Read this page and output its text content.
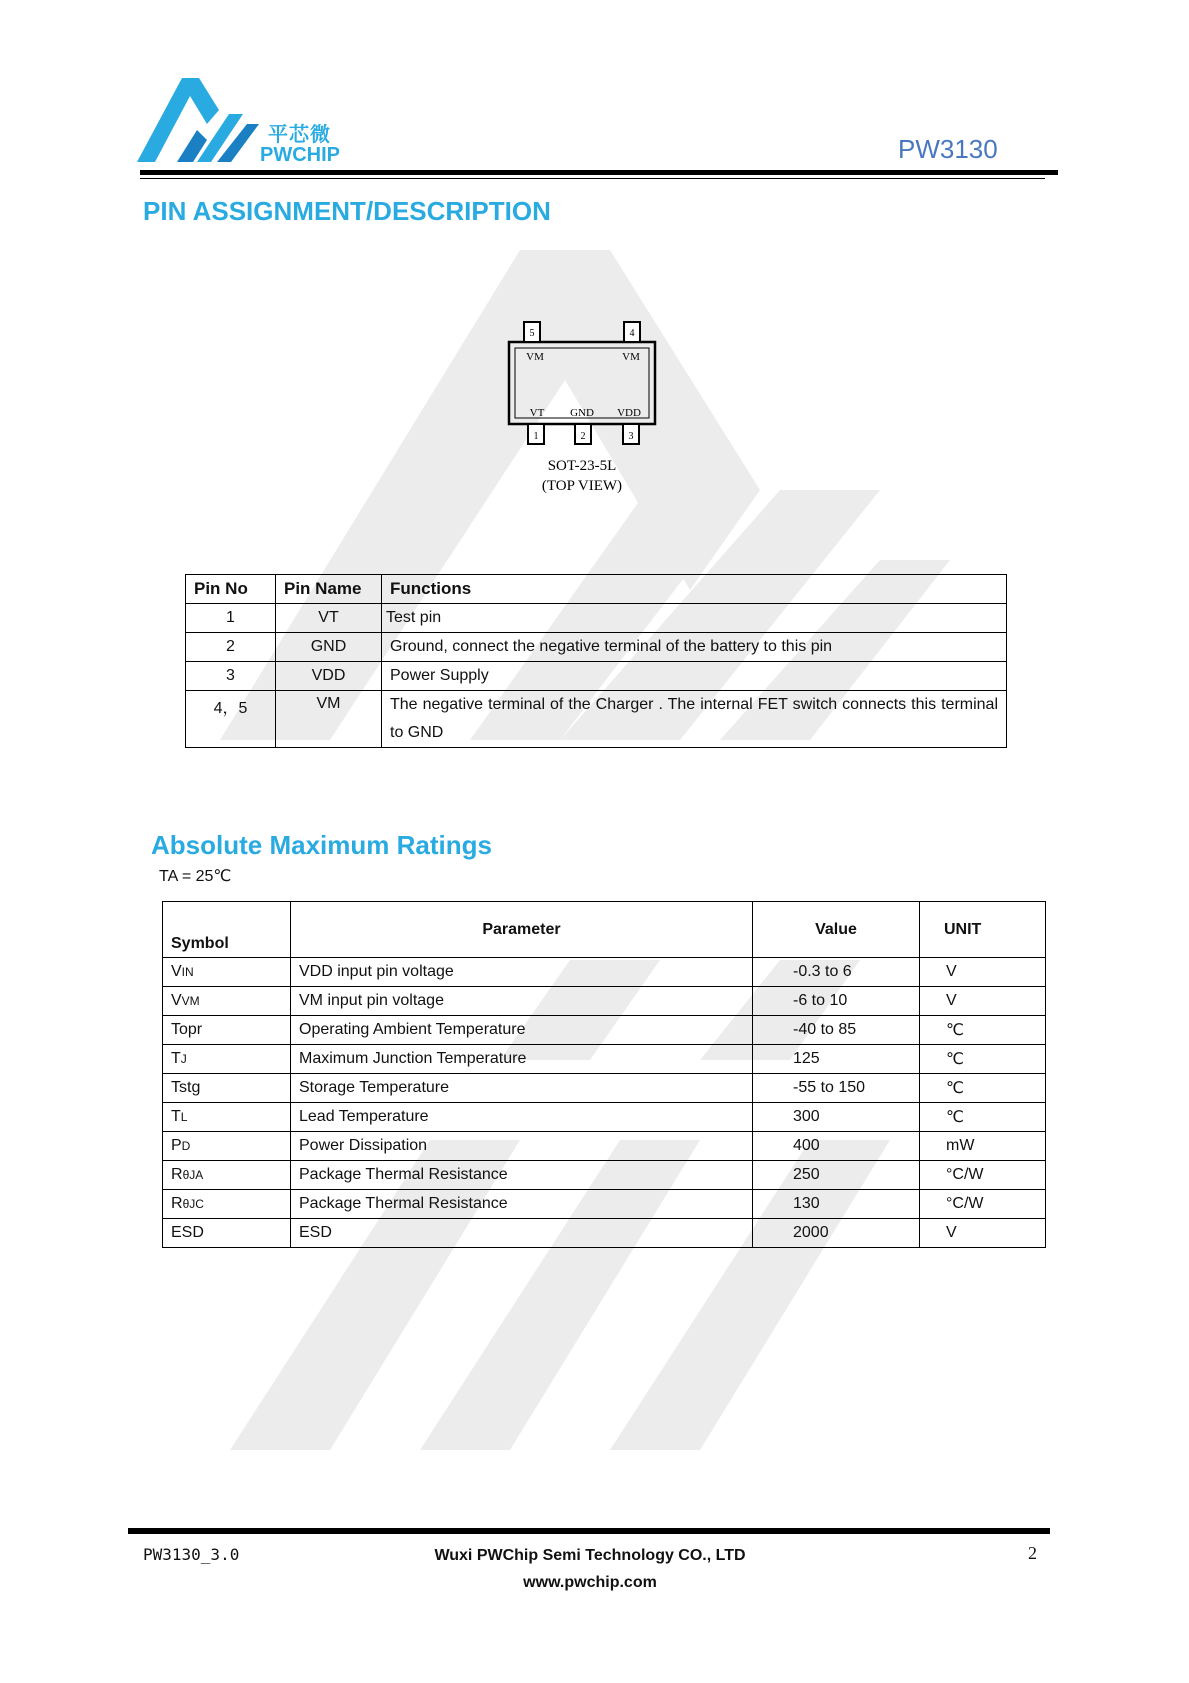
平芯微
PWCHIP	PW3130
PIN ASSIGNMENT/DESCRIPTION
5	4
VM	VM
VT GND VDD
1	2	3
SOT-23-5L
(TOP VIEW)
Pin No	Pin Name	Functions
1	VT	Test pin
2	GND	Ground, connect the negative terminal of the battery to this pin
3	VDD	Power Supply
4，5	VM	The negative terminal of the Charger . The internal FET switch connects this terminal to GND
Absolute Maximum Ratings
TA = 25℃
Symbol	Parameter	Value	UNIT
VIN	VDD input pin voltage	-0.3 to 6	V
VVM	VM input pin voltage	-6 to 10	V
Topr	Operating Ambient Temperature	-40 to 85	℃
TJ	Maximum Junction Temperature	125	℃
Tstg	Storage Temperature	-55 to 150	℃
TL	Lead Temperature	300	℃
PD	Power Dissipation	400	mW
RθJA	Package Thermal Resistance	250	°C/W
RθJC	Package Thermal Resistance	130	°C/W
ESD	ESD	2000	V
PW3130_3.0	Wuxi PWChip Semi Technology CO., LTD
www.pwchip.com
2
